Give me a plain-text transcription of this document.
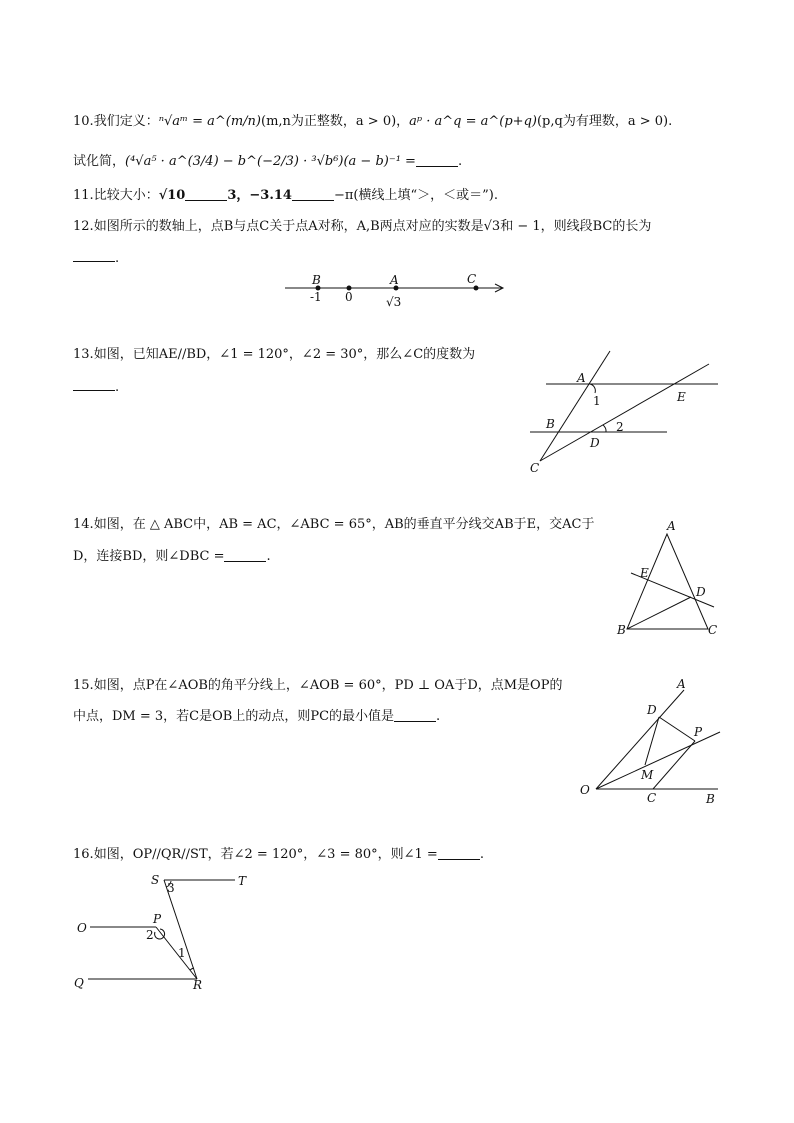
10.我们定义：ⁿ√aᵐ = a^(m/n)(m,n为正整数，a > 0)，aᵖ · a^q = a^(p+q)(p,q为有理数，a > 0).
试化简，(⁴√a⁵ · a^(3/4) − b^(−2/3) · ³√b⁶)(a − b)⁻¹ =	.
11.比较大小：√10	3，−3.14	−π(横线上填“＞，＜或＝”).
12.如图所示的数轴上，点B与点C关于点A对称，A,B两点对应的实数是√3和 − 1，则线段BC的长为
.
B	A	C
-1 0	√3
13.如图，已知AE//BD，∠1 = 120°，∠2 = 30°，那么∠C的度数为
.
A
E
B
D
C
1
2
14.如图，在 △ ABC中，AB = AC，∠ABC = 65°，AB的垂直平分线交AB于E，交AC于
D，连接BD，则∠DBC =	.
A
E
D
B	C
15.如图，点P在∠AOB的角平分线上，∠AOB = 60°，PD ⊥ OA于D，点M是OP的
中点，DM = 3，若C是OB上的动点，则PC的最小值是	.
A
D
P
M
O
C	B
16.如图，OP//QR//ST，若∠2 = 120°，∠3 = 80°，则∠1 =	.
S	T
O
P
Q	R
1
2
3
